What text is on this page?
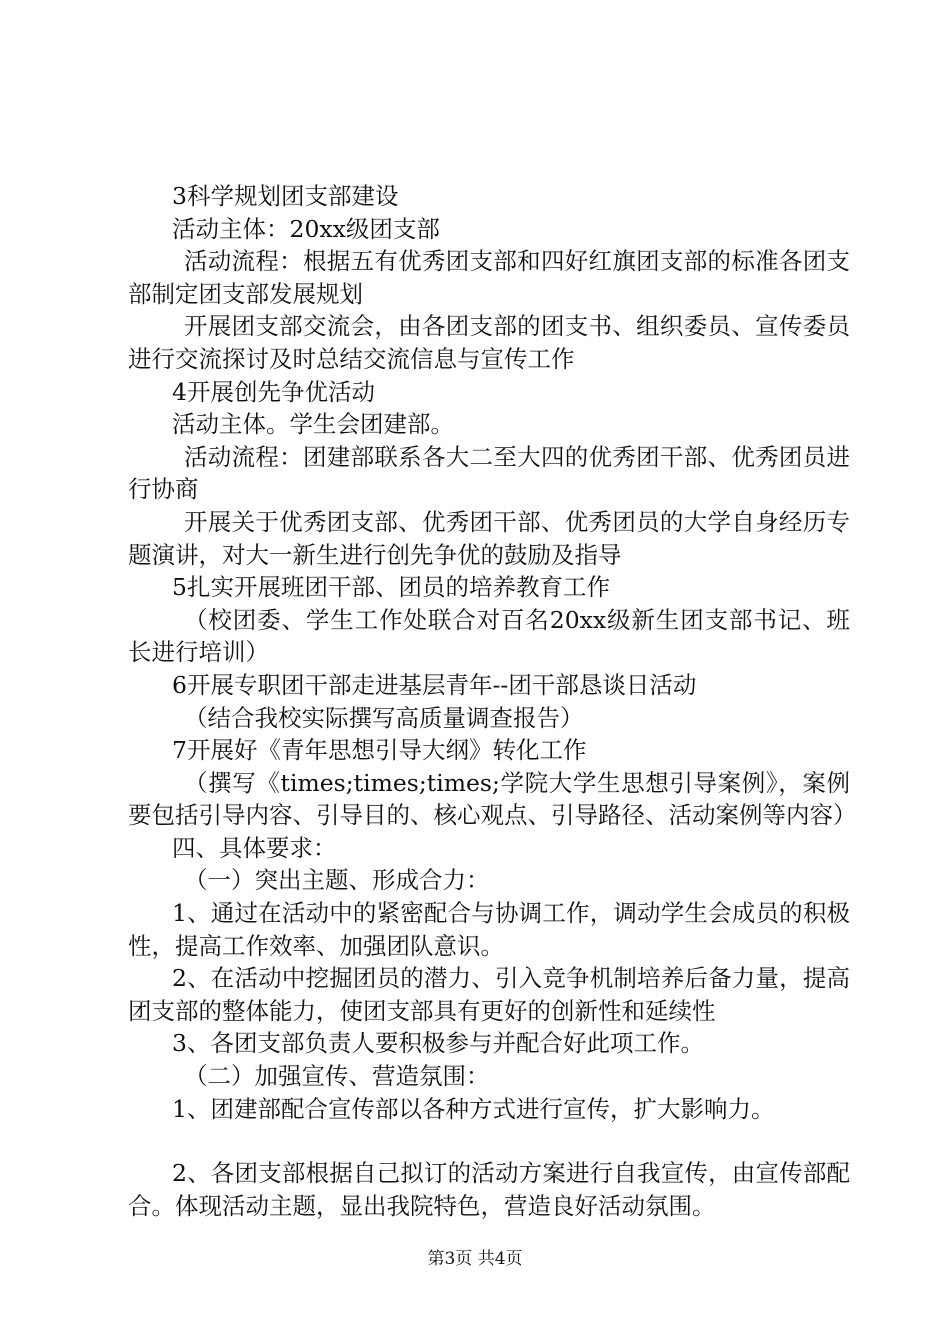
3科学规划团支部建设

活动主体：20xx级团支部

活动流程：根据五有优秀团支部和四好红旗团支部的标准各团支部制定团支部发展规划

开展团支部交流会，由各团支部的团支书、组织委员、宣传委员进行交流探讨及时总结交流信息与宣传工作

4开展创先争优活动

活动主体。学生会团建部。

活动流程：团建部联系各大二至大四的优秀团干部、优秀团员进行协商

开展关于优秀团支部、优秀团干部、优秀团员的大学自身经历专题演讲，对大一新生进行创先争优的鼓励及指导

5扎实开展班团干部、团员的培养教育工作

（校团委、学生工作处联合对百名20xx级新生团支部书记、班长进行培训）

6开展专职团干部走进基层青年--团干部恳谈日活动

（结合我校实际撰写高质量调查报告）

7开展好《青年思想引导大纲》转化工作

（撰写《times;times;times;学院大学生思想引导案例》，案例要包括引导内容、引导目的、核心观点、引导路径、活动案例等内容）

四、具体要求：

（一）突出主题、形成合力：

1、通过在活动中的紧密配合与协调工作，调动学生会成员的积极性，提高工作效率、加强团队意识。

2、在活动中挖掘团员的潜力、引入竞争机制培养后备力量，提高团支部的整体能力，使团支部具有更好的创新性和延续性

3、各团支部负责人要积极参与并配合好此项工作。

（二）加强宣传、营造氛围：

1、团建部配合宣传部以各种方式进行宣传，扩大影响力。

2、各团支部根据自己拟订的活动方案进行自我宣传，由宣传部配合。体现活动主题，显出我院特色，营造良好活动氛围。

第3页 共4页
